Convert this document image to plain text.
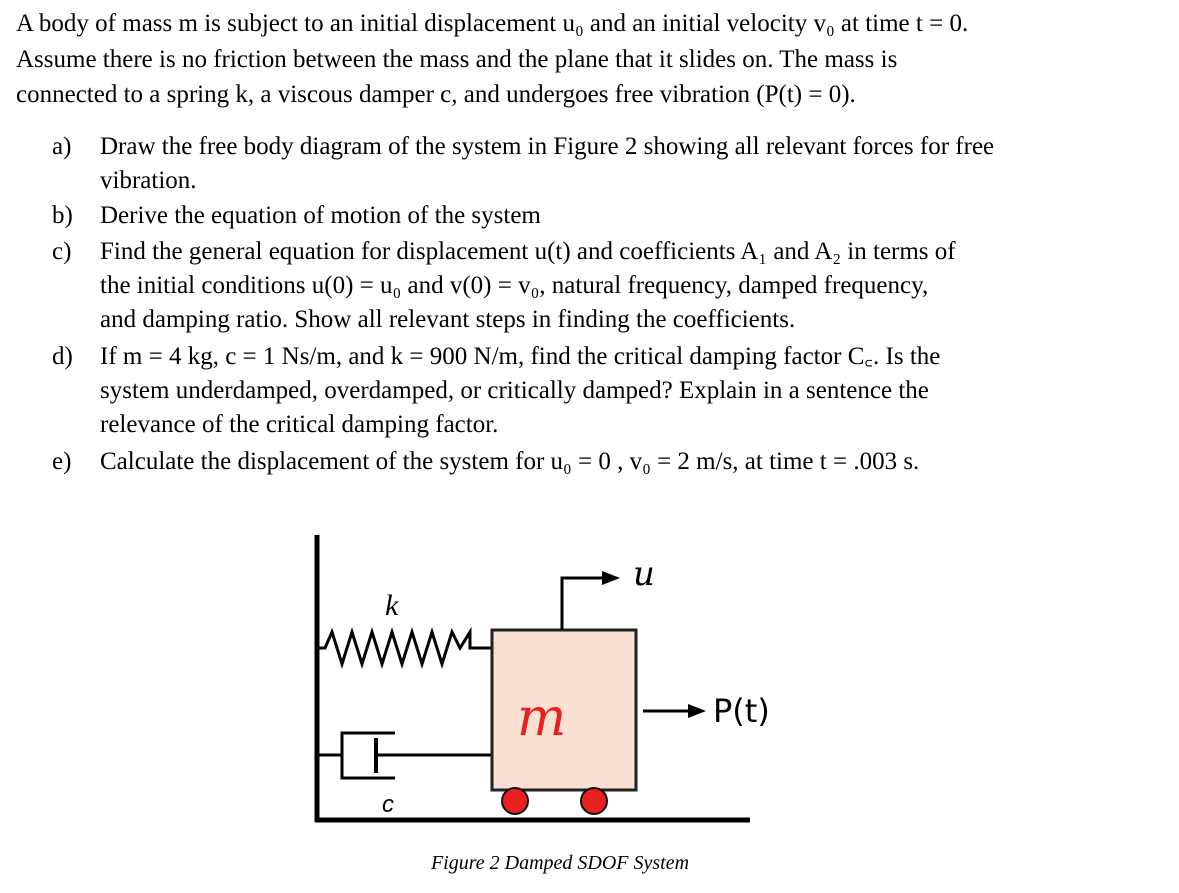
A body of mass m is subject to an initial displacement u₀ and an initial velocity v₀ at time t = 0.
Assume there is no friction between the mass and the plane that it slides on. The mass is
connected to a spring k, a viscous damper c, and undergoes free vibration (P(t) = 0).
a)	Draw the free body diagram of the system in Figure 2 showing all relevant forces for free
vibration.
b)	Derive the equation of motion of the system
c)	Find the general equation for displacement u(t) and coefficients A₁ and A₂ in terms of
the initial conditions u(0) = u₀ and v(0) = v₀, natural frequency, damped frequency,
and damping ratio. Show all relevant steps in finding the coefficients.
d)	If m = 4 kg, c = 1 Ns/m, and k = 900 N/m, find the critical damping factor C꜀. Is the
system underdamped, overdamped, or critically damped? Explain in a sentence the
relevance of the critical damping factor.
e)	Calculate the displacement of the system for u₀ = 0 , v₀ = 2 m/s, at time t = .003 s.
k
c
m
u
P(t)
Figure 2 Damped SDOF System
